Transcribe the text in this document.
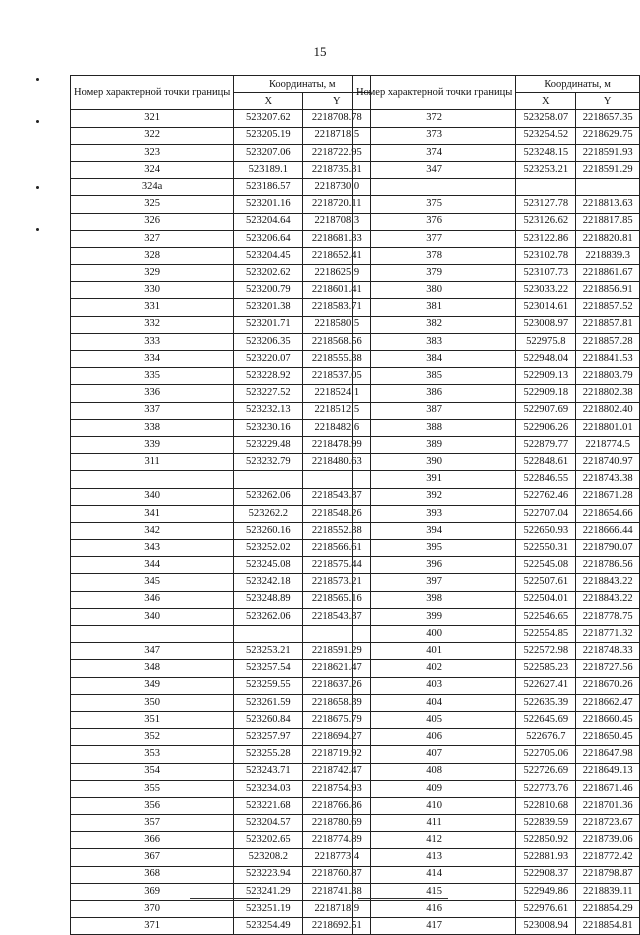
15
Номер характерной точки границы	Координаты, м	
	X	Y
321	523207.62	2218708.78
322	523205.19	2218718.5
323	523207.06	2218722.95
324	523189.1	2218735.31
324а	523186.57	2218730.0
325	523201.16	2218720.11
326	523204.64	2218708.3
327	523206.64	2218681.33
328	523204.45	2218652.41
329	523202.62	2218625.9
330	523200.79	2218601.41
331	523201.38	2218583.71
332	523201.71	2218580.5
333	523206.35	2218568.56
334	523220.07	2218555.38
335	523228.92	2218537.05
336	523227.52	2218524.1
337	523232.13	2218512.5
338	523230.16	2218482.6
339	523229.48	2218478.99
311	523232.79	2218480.63

340	523262.06	2218543.37
341	523262.2	2218548.26
342	523260.16	2218552.38
343	523252.02	2218566.61
344	523245.08	2218575.44
345	523242.18	2218573.21
346	523248.89	2218565.16
340	523262.06	2218543.37

347	523253.21	2218591.29
348	523257.54	2218621.47
349	523259.55	2218637.26
350	523261.59	2218658.39
351	523260.84	2218675.79
352	523257.97	2218694.27
353	523255.28	2218719.92
354	523243.71	2218742.47
355	523234.03	2218754.93
356	523221.68	2218766.86
357	523204.57	2218780.69
366	523202.65	2218774.89
367	523208.2	2218773.4
368	523223.94	2218760.87
369	523241.29	2218741.38
370	523251.19	2218718.9
371	523254.49	2218692.51
Номер характерной точки границы	Координаты, м	
	X	Y
372	523258.07	2218657.35
373	523254.52	2218629.75
374	523248.15	2218591.93
347	523253.21	2218591.29

375	523127.78	2218813.63
376	523126.62	2218817.85
377	523122.86	2218820.81
378	523102.78	2218839.3
379	523107.73	2218861.67
380	523033.22	2218856.91
381	523014.61	2218857.52
382	523008.97	2218857.81
383	522975.8	2218857.28
384	522948.04	2218841.53
385	522909.13	2218803.79
386	522909.18	2218802.38
387	522907.69	2218802.40
388	522906.26	2218801.01
389	522879.77	2218774.5
390	522848.61	2218740.97
391	522846.55	2218743.38
392	522762.46	2218671.28
393	522707.04	2218654.66
394	522650.93	2218666.44
395	522550.31	2218790.07
396	522545.08	2218786.56
397	522507.61	2218843.22
398	522504.01	2218843.22
399	522546.65	2218778.75
400	522554.85	2218771.32
401	522572.98	2218748.33
402	522585.23	2218727.56
403	522627.41	2218670.26
404	522635.39	2218662.47
405	522645.69	2218660.45
406	522676.7	2218650.45
407	522705.06	2218647.98
408	522726.69	2218649.13
409	522773.76	2218671.46
410	522810.68	2218701.36
411	522839.59	2218723.67
412	522850.92	2218739.06
413	522881.93	2218772.42
414	522908.37	2218798.87
415	522949.86	2218839.11
416	522976.61	2218854.29
417	523008.94	2218854.81
